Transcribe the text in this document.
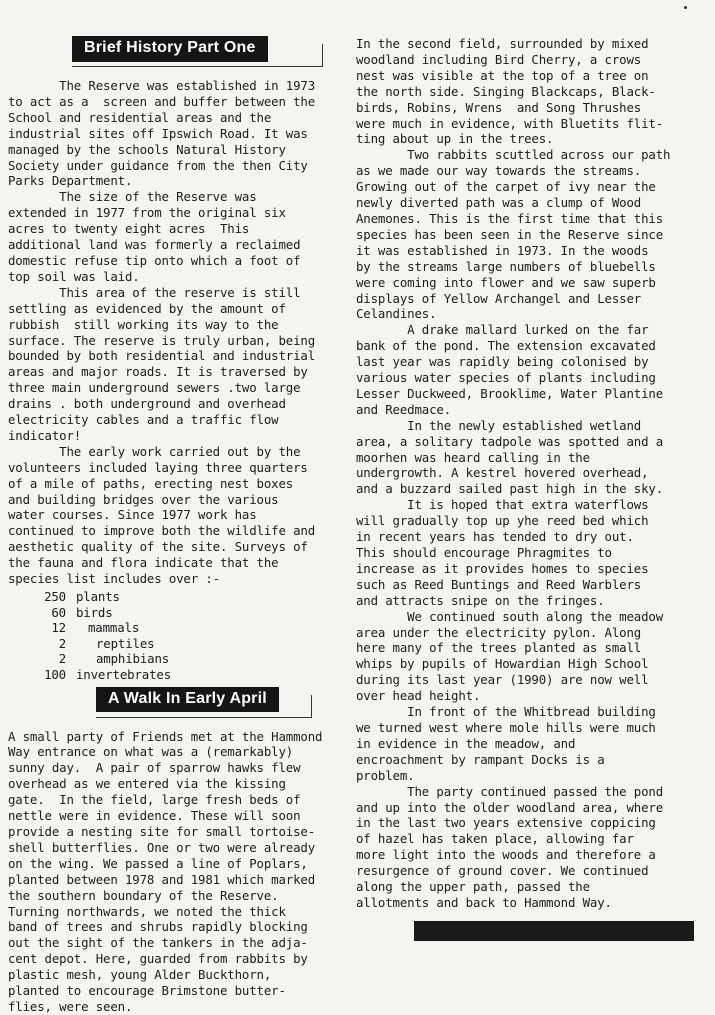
Brief History Part One

The Reserve was established in 1973
to act as a  screen and buffer between the
School and residential areas and the
industrial sites off Ipswich Road. It was
managed by the schools Natural History
Society under guidance from the then City
Parks Department.

The size of the Reserve was
extended in 1977 from the original six
acres to twenty eight acres  This
additional land was formerly a reclaimed
domestic refuse tip onto which a foot of
top soil was laid.

This area of the reserve is still
settling as evidenced by the amount of
rubbish  still working its way to the
surface. The reserve is truly urban, being
bounded by both residential and industrial
areas and major roads. It is traversed by
three main underground sewers .two large
drains . both underground and overhead
electricity cables and a traffic flow
indicator!

The early work carried out by the
volunteers included laying three quarters
of a mile of paths, erecting nest boxes
and building bridges over the various
water courses. Since 1977 work has
continued to improve both the wildlife and
aesthetic quality of the site. Surveys of
the fauna and flora indicate that the
species list includes over :-

250 plants
60 birds
12	mammals
2	reptiles
2	amphibians
100 invertebrates
A Walk In Early April

A small party of Friends met at the Hammond
Way entrance on what was a (remarkably)
sunny day.  A pair of sparrow hawks flew
overhead as we entered via the kissing
gate.  In the field, large fresh beds of
nettle were in evidence. These will soon
provide a nesting site for small tortoise-
shell butterflies. One or two were already
on the wing. We passed a line of Poplars,
planted between 1978 and 1981 which marked
the southern boundary of the Reserve.
Turning northwards, we noted the thick
band of trees and shrubs rapidly blocking
out the sight of the tankers in the adja-
cent depot. Here, guarded from rabbits by
plastic mesh, young Alder Buckthorn,
planted to encourage Brimstone butter-
flies, were seen.

In the second field, surrounded by mixed
woodland including Bird Cherry, a crows
nest was visible at the top of a tree on
the north side. Singing Blackcaps, Black-
birds, Robins, Wrens  and Song Thrushes
were much in evidence, with Bluetits flit-
ting about up in the trees.

Two rabbits scuttled across our path
as we made our way towards the streams.
Growing out of the carpet of ivy near the
newly diverted path was a clump of Wood
Anemones. This is the first time that this
species has been seen in the Reserve since
it was established in 1973. In the woods
by the streams large numbers of bluebells
were coming into flower and we saw superb
displays of Yellow Archangel and Lesser
Celandines.

A drake mallard lurked on the far
bank of the pond. The extension excavated
last year was rapidly being colonised by
various water species of plants including
Lesser Duckweed, Brooklime, Water Plantine
and Reedmace.

In the newly established wetland
area, a solitary tadpole was spotted and a
moorhen was heard calling in the
undergrowth. A kestrel hovered overhead,
and a buzzard sailed past high in the sky.

It is hoped that extra waterflows
will gradually top up yhe reed bed which
in recent years has tended to dry out.
This should encourage Phragmites to
increase as it provides homes to species
such as Reed Buntings and Reed Warblers
and attracts snipe on the fringes.

We continued south along the meadow
area under the electricity pylon. Along
here many of the trees planted as small
whips by pupils of Howardian High School
during its last year (1990) are now well
over head height.

In front of the Whitbread building
we turned west where mole hills were much
in evidence in the meadow, and
encroachment by rampant Docks is a
problem.

The party continued passed the pond
and up into the older woodland area, where
in the last two years extensive coppicing
of hazel has taken place, allowing far
more light into the woods and therefore a
resurgence of ground cover. We continued
along the upper path, passed the
allotments and back to Hammond Way.
